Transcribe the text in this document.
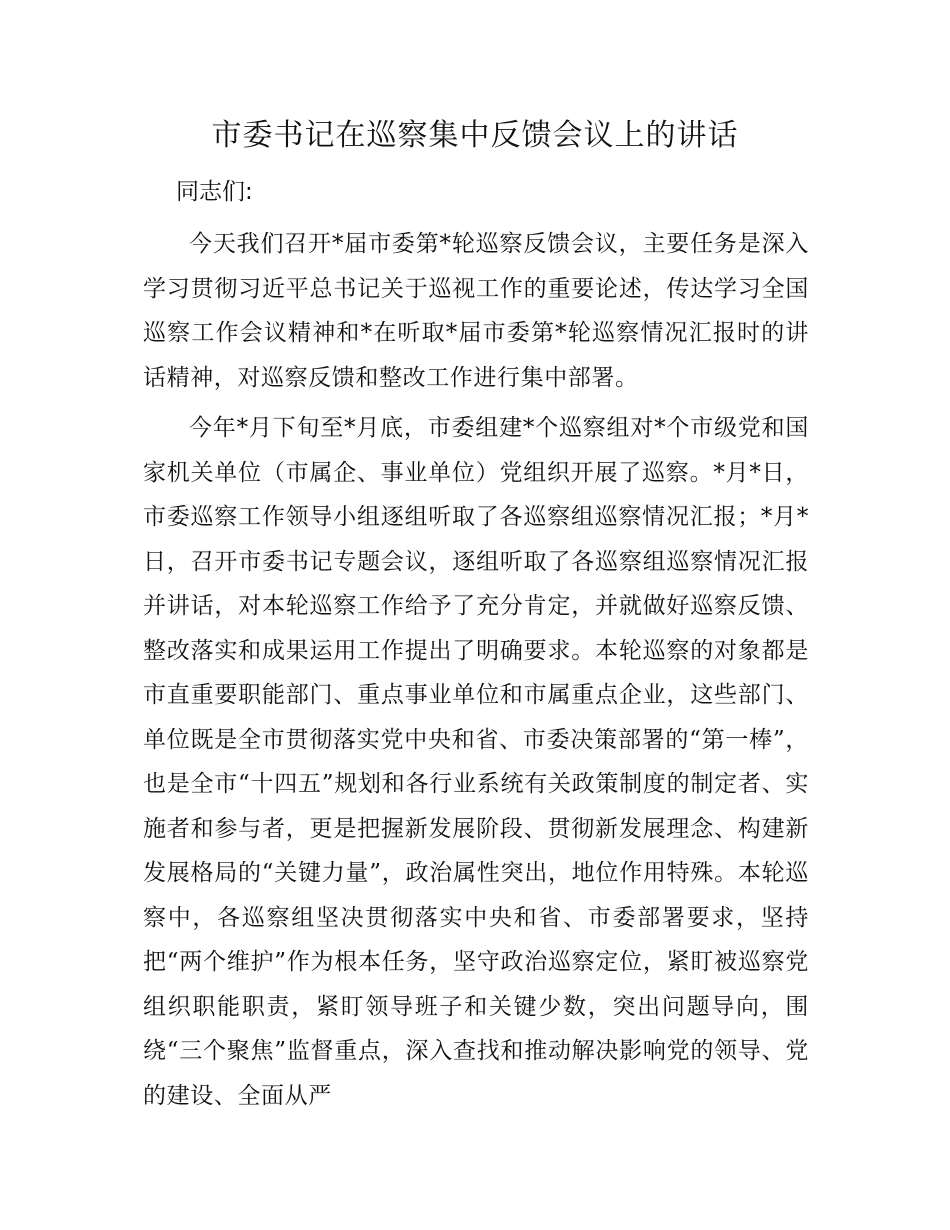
市委书记在巡察集中反馈会议上的讲话

同志们:

今天我们召开*届市委第*轮巡察反馈会议，主要任务是深入学习贯彻习近平总书记关于巡视工作的重要论述，传达学习全国巡察工作会议精神和*在听取*届市委第*轮巡察情况汇报时的讲话精神，对巡察反馈和整改工作进行集中部署。

今年*月下旬至*月底，市委组建*个巡察组对*个市级党和国家机关单位（市属企、事业单位）党组织开展了巡察。*月*日，市委巡察工作领导小组逐组听取了各巡察组巡察情况汇报；*月*日，召开市委书记专题会议，逐组听取了各巡察组巡察情况汇报并讲话，对本轮巡察工作给予了充分肯定，并就做好巡察反馈、整改落实和成果运用工作提出了明确要求。本轮巡察的对象都是市直重要职能部门、重点事业单位和市属重点企业，这些部门、单位既是全市贯彻落实党中央和省、市委决策部署的“第一棒”，也是全市“十四五”规划和各行业系统有关政策制度的制定者、实施者和参与者，更是把握新发展阶段、贯彻新发展理念、构建新发展格局的“关键力量”，政治属性突出，地位作用特殊。本轮巡察中，各巡察组坚决贯彻落实中央和省、市委部署要求，坚持把“两个维护”作为根本任务，坚守政治巡察定位，紧盯被巡察党组织职能职责，紧盯领导班子和关键少数，突出问题导向，围绕“三个聚焦”监督重点，深入查找和推动解决影响党的领导、党的建设、全面从严
